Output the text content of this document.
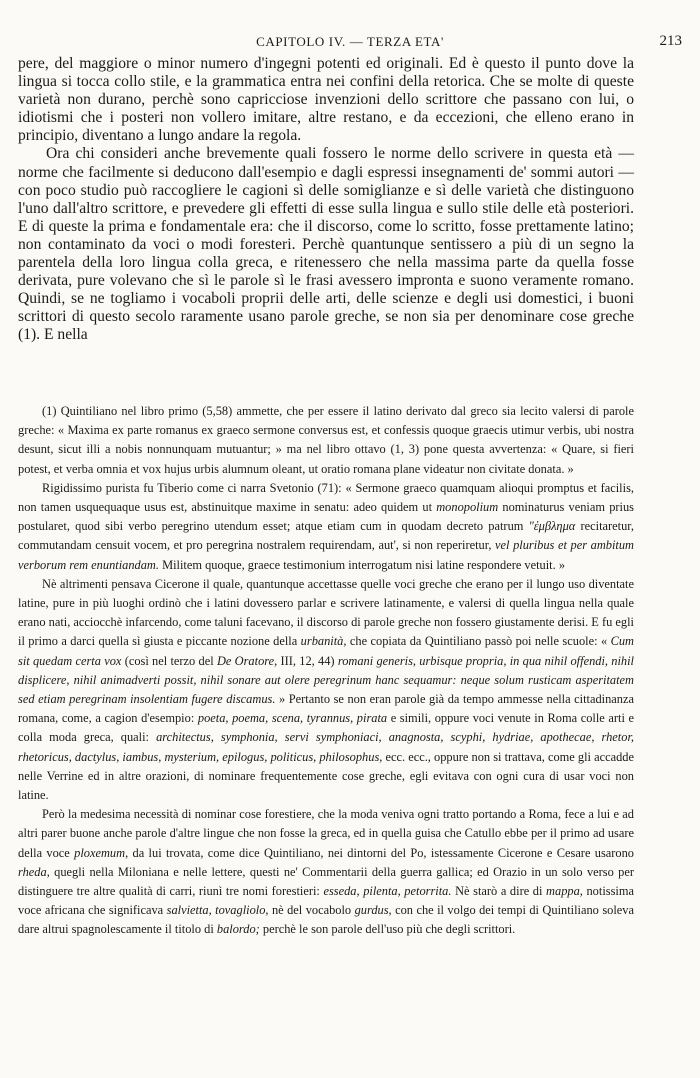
CAPITOLO IV. — TERZA ETA'	213

pere, del maggiore o minor numero d'ingegni potenti ed originali. Ed è questo il punto dove la lingua si tocca collo stile, e la grammatica entra nei confini della retorica. Che se molte di queste varietà non durano, perchè sono capricciose invenzioni dello scrittore che passano con lui, o idiotismi che i posteri non vollero imitare, altre restano, e da eccezioni, che elleno erano in principio, diventano a lungo andare la regola.

Ora chi consideri anche brevemente quali fossero le norme dello scrivere in questa età — norme che facilmente si deducono dall'esempio e dagli espressi insegnamenti de' sommi autori — con poco studio può raccogliere le cagioni sì delle somiglianze e sì delle varietà che distinguono l'uno dall'altro scrittore, e prevedere gli effetti di esse sulla lingua e sullo stile delle età posteriori. E di queste la prima e fondamentale era: che il discorso, come lo scritto, fosse prettamente latino; non contaminato da voci o modi foresteri. Perchè quantunque sentissero a più di un segno la parentela della loro lingua colla greca, e ritenessero che nella massima parte da quella fosse derivata, pure volevano che sì le parole sì le frasi avessero impronta e suono veramente romano. Quindi, se ne togliamo i vocaboli proprii delle arti, delle scienze e degli usi domestici, i buoni scrittori di questo secolo raramente usano parole greche, se non sia per denominare cose greche (1). E nella

(1) Quintiliano nel libro primo (5,58) ammette, che per essere il latino derivato dal greco sia lecito valersi di parole greche: « Maxima ex parte romanus ex graeco sermone conversus est, et confessis quoque graecis utimur verbis, ubi nostra desunt, sicut illi a nobis nonnunquam mutuantur; » ma nel libro ottavo (1, 3) pone questa avvertenza: « Quare, si fieri potest, et verba omnia et vox hujus urbis alumnum oleant, ut oratio romana plane videatur non civitate donata. »

Rigidissimo purista fu Tiberio come ci narra Svetonio (71): « Sermone graeco quamquam alioqui promptus et facilis, non tamen usquequaque usus est, abstinuitque maxime in senatu: adeo quidem ut monopolium nominaturus veniam prius postularet, quod sibi verbo peregrino utendum esset; atque etiam cum in quodam decreto patrum "ἐμβλημα recitaretur, commutandam censuit vocem, et pro peregrina nostralem requirendam, aut', si non reperiretur, vel pluribus et per ambitum verborum rem enuntiandam. Militem quoque, graece testimonium interrogatum nisi latine respondere vetuit. »

Nè altrimenti pensava Cicerone il quale, quantunque accettasse quelle voci greche che erano per il lungo uso diventate latine, pure in più luoghi ordinò che i latini dovessero parlar e scrivere latinamente, e valersi di quella lingua nella quale erano nati, acciocchè infarcendo, come taluni facevano, il discorso di parole greche non fossero giustamente derisi. E fu egli il primo a darci quella sì giusta e piccante nozione della urbanità, che copiata da Quintiliano passò poi nelle scuole: « Cum sit quedam certa vox (così nel terzo del De Oratore, III, 12, 44) romani generis, urbisque propria, in qua nihil offendi, nihil displicere, nihil animadverti possit, nihil sonare aut olere peregrinum hanc sequamur: neque solum rusticam asperitatem sed etiam peregrinam insolentiam fugere discamus. » Pertanto se non eran parole già da tempo ammesse nella cittadinanza romana, come, a cagion d'esempio: poeta, poema, scena, tyrannus, pirata e simili, oppure voci venute in Roma colle arti e colla moda greca, quali: architectus, symphonia, servi symphoniaci, anagnosta, scyphi, hydriae, apothecae, rhetor, rhetoricus, dactylus, iambus, mysterium, epilogus, politicus, philosophus, ecc. ecc., oppure non si trattava, come gli accadde nelle Verrine ed in altre orazioni, di nominare frequentemente cose greche, egli evitava con ogni cura di usar voci non latine.

Però la medesima necessità di nominar cose forestiere, che la moda veniva ogni tratto portando a Roma, fece a lui e ad altri parer buone anche parole d'altre lingue che non fosse la greca, ed in quella guisa che Catullo ebbe per il primo ad usare della voce ploxemum, da lui trovata, come dice Quintiliano, nei dintorni del Po, istessamente Cicerone e Cesare usarono rheda, quegli nella Miloniana e nelle lettere, questi ne' Commentarii della guerra gallica; ed Orazio in un solo verso per distinguere tre altre qualità di carri, riunì tre nomi forestieri: esseda, pilenta, petorrita. Nè starò a dire di mappa, notissima voce africana che significava salvietta, tovagliolo, nè del vocabolo gurdus, con che il volgo dei tempi di Quintiliano soleva dare altrui spagnolescamente il titolo di balordo; perchè le son parole dell'uso più che degli scrittori.
